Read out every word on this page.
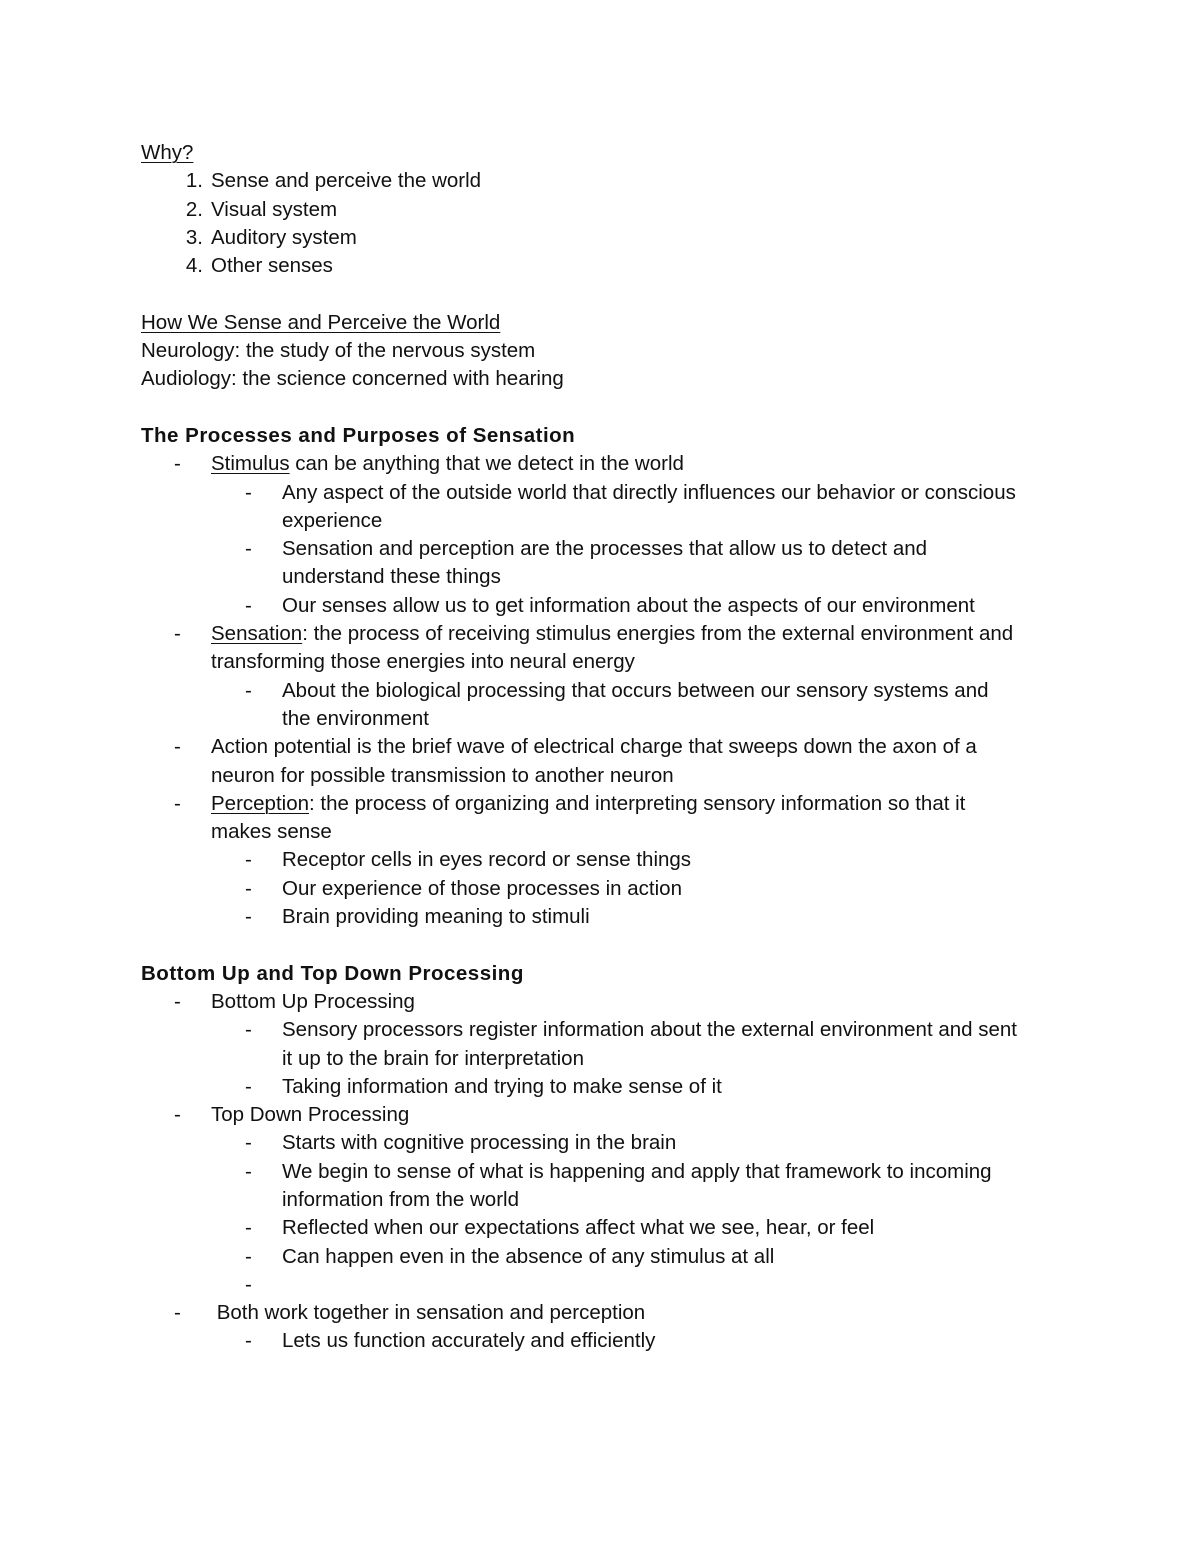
Why?
1. Sense and perceive the world
2. Visual system
3. Auditory system
4. Other senses
How We Sense and Perceive the World
Neurology: the study of the nervous system
Audiology: the science concerned with hearing
The Processes and Purposes of Sensation
- Stimulus can be anything that we detect in the world
- Any aspect of the outside world that directly influences our behavior or conscious
experience
- Sensation and perception are the processes that allow us to detect and
understand these things
- Our senses allow us to get information about the aspects of our environment
- Sensation: the process of receiving stimulus energies from the external environment and
transforming those energies into neural energy
- About the biological processing that occurs between our sensory systems and
the environment
- Action potential is the brief wave of electrical charge that sweeps down the axon of a
neuron for possible transmission to another neuron
- Perception: the process of organizing and interpreting sensory information so that it
makes sense
- Receptor cells in eyes record or sense things
- Our experience of those processes in action
- Brain providing meaning to stimuli
Bottom Up and Top Down Processing
- Bottom Up Processing
- Sensory processors register information about the external environment and sent
it up to the brain for interpretation
- Taking information and trying to make sense of it
- Top Down Processing
- Starts with cognitive processing in the brain
- We begin to sense of what is happening and apply that framework to incoming
information from the world
- Reflected when our expectations affect what we see, hear, or feel
- Can happen even in the absence of any stimulus at all
-
- Both work together in sensation and perception
- Lets us function accurately and efficiently
